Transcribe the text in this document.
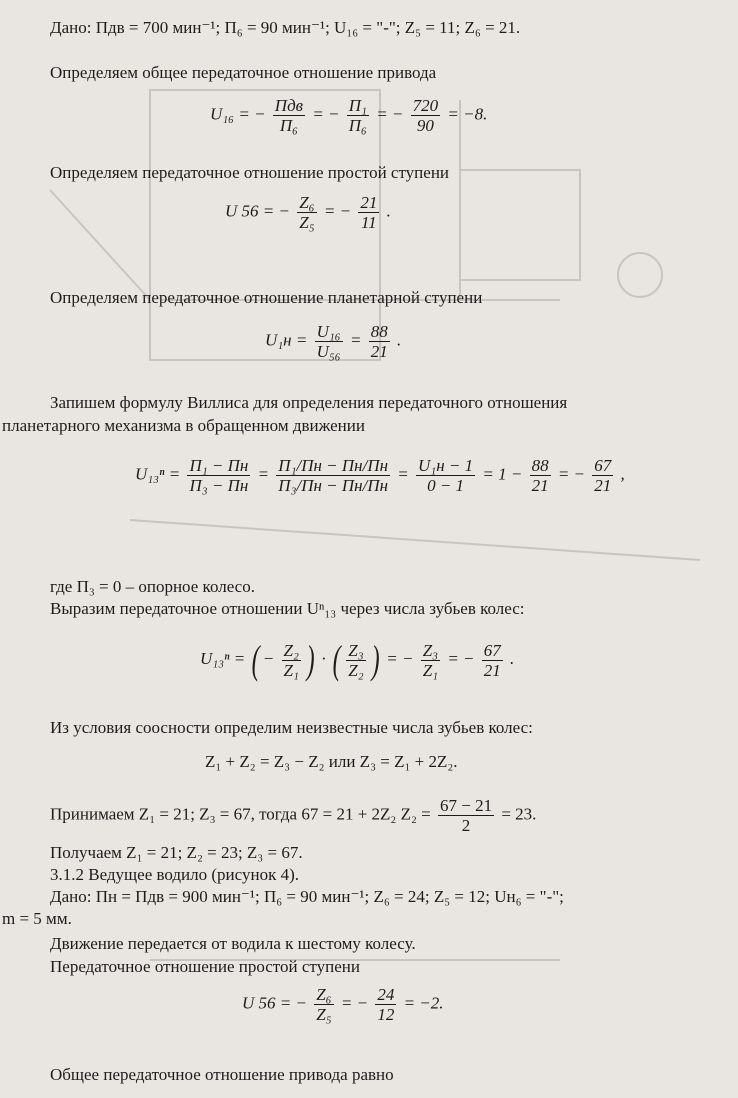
Дано: Пдв = 700 мин⁻¹; П₆ = 90 мин⁻¹; U₁₆ = "-"; Z₅ = 11; Z₆ = 21.
Определяем общее передаточное отношение привода
U₁₆ = − $\frac{\text{Пдв}}{\text{П₆}}$ = − $\frac{\text{П₁}}{\text{П₆}}$ = − $\frac{720}{90} = -8$.
Определяем передаточное отношение простой ступени
U 56 = − $\frac{\text{Z₆}}{\text{Z₅}}$ = − $\frac{21}{11}$ .
Определяем передаточное отношение планетарной ступени
$U_1н = \frac{\text{U₁₆}}{\text{U₅₆}} = \frac{88}{21}$ .
Запишем формулу Виллиса для определения передаточного отношения
планетарного механизма в обращенном движении
$U_{13}^n = \frac{\text{П₁ − Пн}}{\text{П₃ − Пн}} = \frac{\text{П₁/Пн − Пн/Пн}}{\text{П₃/Пн − Пн/Пн}} = \frac{\text{U₁н − 1}}{0 - 1} = 1 - \frac{88}{21}$ = − $\frac{67}{21}$ ,
где П₃ = 0 – опорное колесо.
Выразим передаточное отношении Uⁿ₁₃ через числа зубьев колес:
U₁₃ⁿ = ( − $\frac{\text{Z₂}}{\text{Z₁}}$ ) · ( $\frac{\text{Z₃}}{\text{Z₂}}$ ) = − $\frac{\text{Z₃}}{\text{Z₁}}$ = − $\frac{67}{21}$ .
Из условия соосности определим неизвестные числа зубьев колес:
Z₁ + Z₂ = Z₃ − Z₂ или Z₃ = Z₁ + 2Z₂.
Принимаем Z₁ = 21; Z₃ = 67, тогда 67 = 21 + 2Z₂ $Z_2 = \frac{67 - 21}{2} = 23$.
Получаем Z₁ = 21; Z₂ = 23; Z₃ = 67.
3.1.2 Ведущее водило (рисунок 4).
Дано: Пн = Пдв = 900 мин⁻¹; П₆ = 90 мин⁻¹; Z₆ = 24; Z₅ = 12; Uн₆ = "-";
m = 5 мм.
Движение передается от водила к шестому колесу.
Передаточное отношение простой ступени
U 56 = − $\frac{\text{Z₆}}{\text{Z₅}}$ = − $\frac{24}{12} = -2$.
Общее передаточное отношение привода равно
